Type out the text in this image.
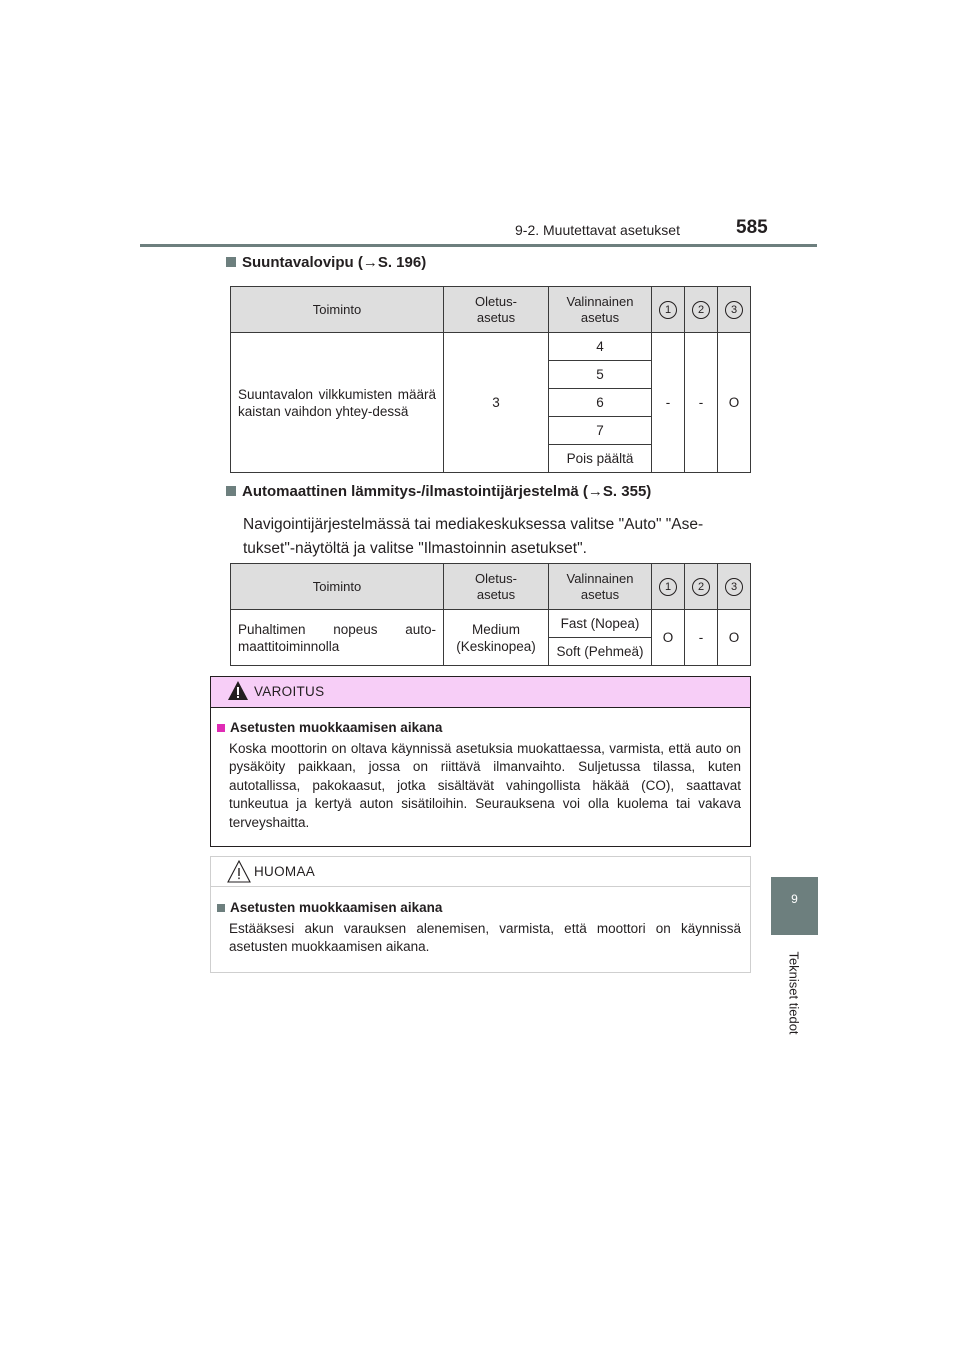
9-2. Muutettavat asetukset	585
9
Tekniset tiedot
Suuntavalovipu (→S. 196)
Toiminto	Oletus-asetus	Valinnainen asetus	1	2	3
Suuntavalon vilkkumisten määrä kaistan vaihdon yhtey-dessä	3	4	-	-	O
		5			
		6			
		7			
		Pois päältä			
Automaattinen lämmitys-/ilmastointijärjestelmä (→S. 355)
Navigointijärjestelmässä tai mediakeskuksessa valitse "Auto" "Ase-tukset"-näytöltä ja valitse "Ilmastoinnin asetukset".
Toiminto	Oletus-asetus	Valinnainen asetus	1	2	3
Puhaltimen nopeus auto-maattitoiminnolla	Medium (Keskinopea)	Fast (Nopea)	O	-	O
		Soft (Pehmeä)			
VAROITUS
Asetusten muokkaamisen aikana
Koska moottorin on oltava käynnissä asetuksia muokattaessa, varmista, että auto on pysäköity paikkaan, jossa on riittävä ilmanvaihto. Suljetussa tilassa, kuten autotallissa, pakokaasut, jotka sisältävät vahingollista häkää (CO), saattavat tunkeutua ja kertyä auton sisätiloihin. Seurauksena voi olla kuolema tai vakava terveyshaitta.
HUOMAA
Asetusten muokkaamisen aikana
Estääksesi akun varauksen alenemisen, varmista, että moottori on käynnissä asetusten muokkaamisen aikana.
